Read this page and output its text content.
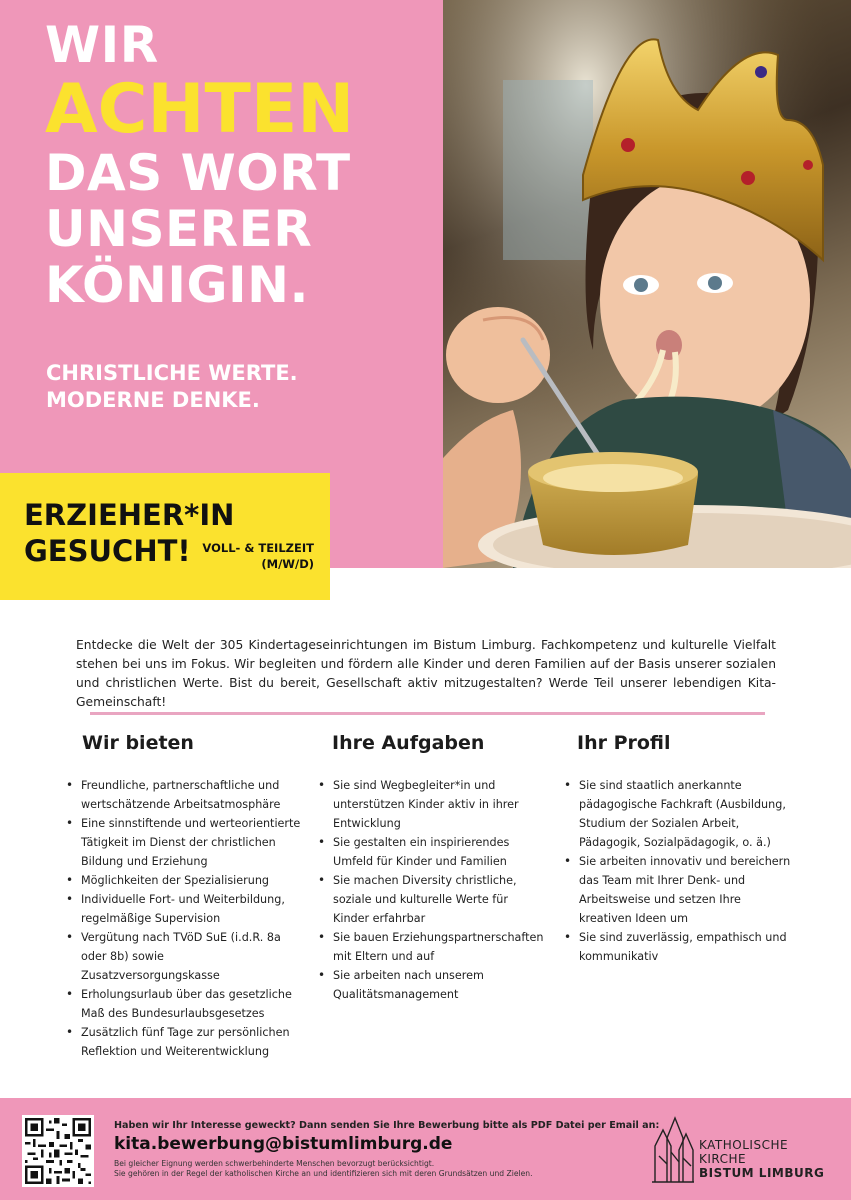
WIR
ACHTEN
DAS WORT
UNSERER
KÖNIGIN.
CHRISTLICHE WERTE.
MODERNE DENKE.
ERZIEHER*IN
GESUCHT!	VOLL- & TEILZEIT
(M/W/D)

Entdecke die Welt der 305 Kindertageseinrichtungen im Bistum Limburg. Fachkompetenz und kulturelle Vielfalt stehen bei uns im Fokus. Wir begleiten und fördern alle Kinder und deren Familien auf der Basis unserer sozialen und christlichen Werte. Bist du bereit, Gesellschaft aktiv mitzugestalten? Werde Teil unserer lebendigen Kita-Gemeinschaft!

Wir bieten
• Freundliche, partnerschaftliche und wertschätzende Arbeitsatmosphäre
• Eine sinnstiftende und werteorientierte Tätigkeit im Dienst der christlichen Bildung und Erziehung
• Möglichkeiten der Spezialisierung
• Individuelle Fort- und Weiterbildung, regelmäßige Supervision
• Vergütung nach TVöD SuE (i.d.R. 8a oder 8b) sowie Zusatzversorgungskasse
• Erholungsurlaub über das gesetzliche Maß des Bundesurlaubsgesetzes
• Zusätzlich fünf Tage zur persönlichen Reflektion und Weiterentwicklung
Ihre Aufgaben
• Sie sind Wegbegleiter*in und unterstützen Kinder aktiv in ihrer Entwicklung
• Sie gestalten ein inspirierendes Umfeld für Kinder und Familien
• Sie machen Diversity christliche, soziale und kulturelle Werte für Kinder erfahrbar
• Sie bauen Erziehungspartnerschaften mit Eltern und auf
• Sie arbeiten nach unserem Qualitätsmanagement
Ihr Profil
• Sie sind staatlich anerkannte pädagogische Fachkraft (Ausbildung, Studium der Sozialen Arbeit, Pädagogik, Sozialpädagogik, o. ä.)
• Sie arbeiten innovativ und bereichern das Team mit Ihrer Denk- und Arbeitsweise und setzen Ihre kreativen Ideen um
• Sie sind zuverlässig, empathisch und kommunikativ
Haben wir Ihr Interesse geweckt? Dann senden Sie Ihre Bewerbung bitte als PDF Datei per Email an:
kita.bewerbung@bistumlimburg.de
Bei gleicher Eignung werden schwerbehinderte Menschen bevorzugt berücksichtigt.
Sie gehören in der Regel der katholischen Kirche an und identifizieren sich mit deren Grundsätzen und Zielen.
KATHOLISCHE
KIRCHE
BISTUM LIMBURG
